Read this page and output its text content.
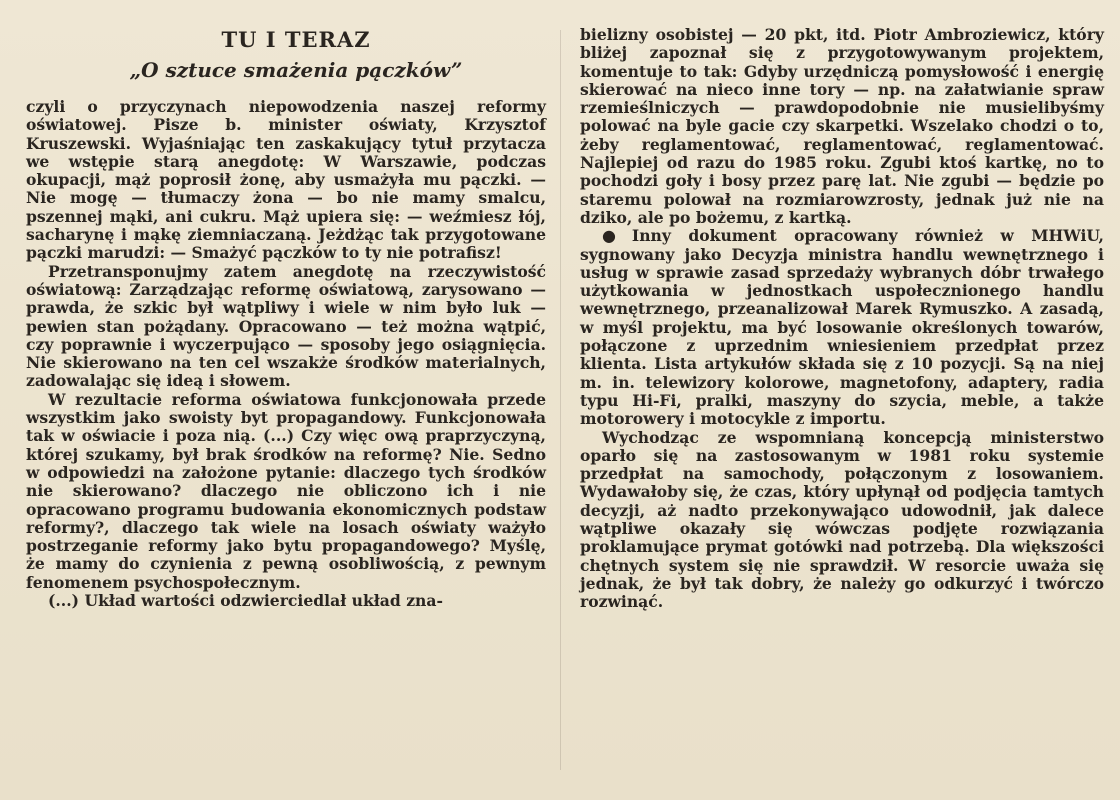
TU I TERAZ
„O sztuce smażenia pączków”

czyli o przyczynach niepowodzenia naszej reformy oświatowej. Pisze b. minister oświaty, Krzysztof Kruszewski. Wyjaśniając ten zaskakujący tytuł przytacza we wstępie starą anegdotę: W Warszawie, podczas okupacji, mąż poprosił żonę, aby usmażyła mu pączki. — Nie mogę — tłumaczy żona — bo nie mamy smalcu, pszennej mąki, ani cukru. Mąż upiera się: — weźmiesz łój, sacharynę i mąkę ziemniaczaną. Jeżdżąc tak przygotowane pączki marudzi: — Smażyć pączków to ty nie potrafisz!

Przetransponujmy zatem anegdotę na rzeczywistość oświatową: Zarządzając reformę oświatową, zarysowano — prawda, że szkic był wątpliwy i wiele w nim było luk — pewien stan pożądany. Opracowano — też można wątpić, czy poprawnie i wyczerpująco — sposoby jego osiągnięcia. Nie skierowano na ten cel wszakże środków materialnych, zadowalając się ideą i słowem.

W rezultacie reforma oświatowa funkcjonowała przede wszystkim jako swoisty byt propagandowy. Funkcjonowała tak w oświacie i poza nią. (...) Czy więc ową praprzyczyną, której szukamy, był brak środków na reformę? Nie. Sedno w odpowiedzi na założone pytanie: dlaczego tych środków nie skierowano? dlaczego nie obliczono ich i nie opracowano programu budowania ekonomicznych podstaw reformy?, dlaczego tak wiele na losach oświaty ważyło postrzeganie reformy jako bytu propagandowego? Myślę, że mamy do czynienia z pewną osobliwością, z pewnym fenomenem psychospołecznym.

(...) Układ wartości odzwierciedlał układ zna-

bielizny osobistej — 20 pkt, itd. Piotr Ambroziewicz, który bliżej zapoznał się z przygotowywanym projektem, komentuje to tak: Gdyby urzędniczą pomysłowość i energię skierować na nieco inne tory — np. na załatwianie spraw rzemieślniczych — prawdopodobnie nie musielibyśmy polować na byle gacie czy skarpetki. Wszelako chodzi o to, żeby reglamentować, reglamentować, reglamentować. Najlepiej od razu do 1985 roku. Zgubi ktoś kartkę, no to pochodzi goły i bosy przez parę lat. Nie zgubi — będzie po staremu polował na rozmiarowzrosty, jednak już nie na dziko, ale po bożemu, z kartką.

● Inny dokument opracowany również w MHWiU, sygnowany jako Decyzja ministra handlu wewnętrznego i usług w sprawie zasad sprzedaży wybranych dóbr trwałego użytkowania w jednostkach uspołecznionego handlu wewnętrznego, przeanalizował Marek Rymuszko. A zasadą, w myśl projektu, ma być losowanie określonych towarów, połączone z uprzednim wniesieniem przedpłat przez klienta. Lista artykułów składa się z 10 pozycji. Są na niej m. in. telewizory kolorowe, magnetofony, adaptery, radia typu Hi-Fi, pralki, maszyny do szycia, meble, a także motorowery i motocykle z importu.

Wychodząc ze wspomnianą koncepcją ministerstwo oparło się na zastosowanym w 1981 roku systemie przedpłat na samochody, połączonym z losowaniem. Wydawałoby się, że czas, który upłynął od podjęcia tamtych decyzji, aż nadto przekonywająco udowodnił, jak dalece wątpliwe okazały się wówczas podjęte rozwiązania proklamujące prymat gotówki nad potrzebą. Dla większości chętnych system się nie sprawdził. W resorcie uważa się jednak, że był tak dobry, że należy go odkurzyć i twórczo rozwinąć.
